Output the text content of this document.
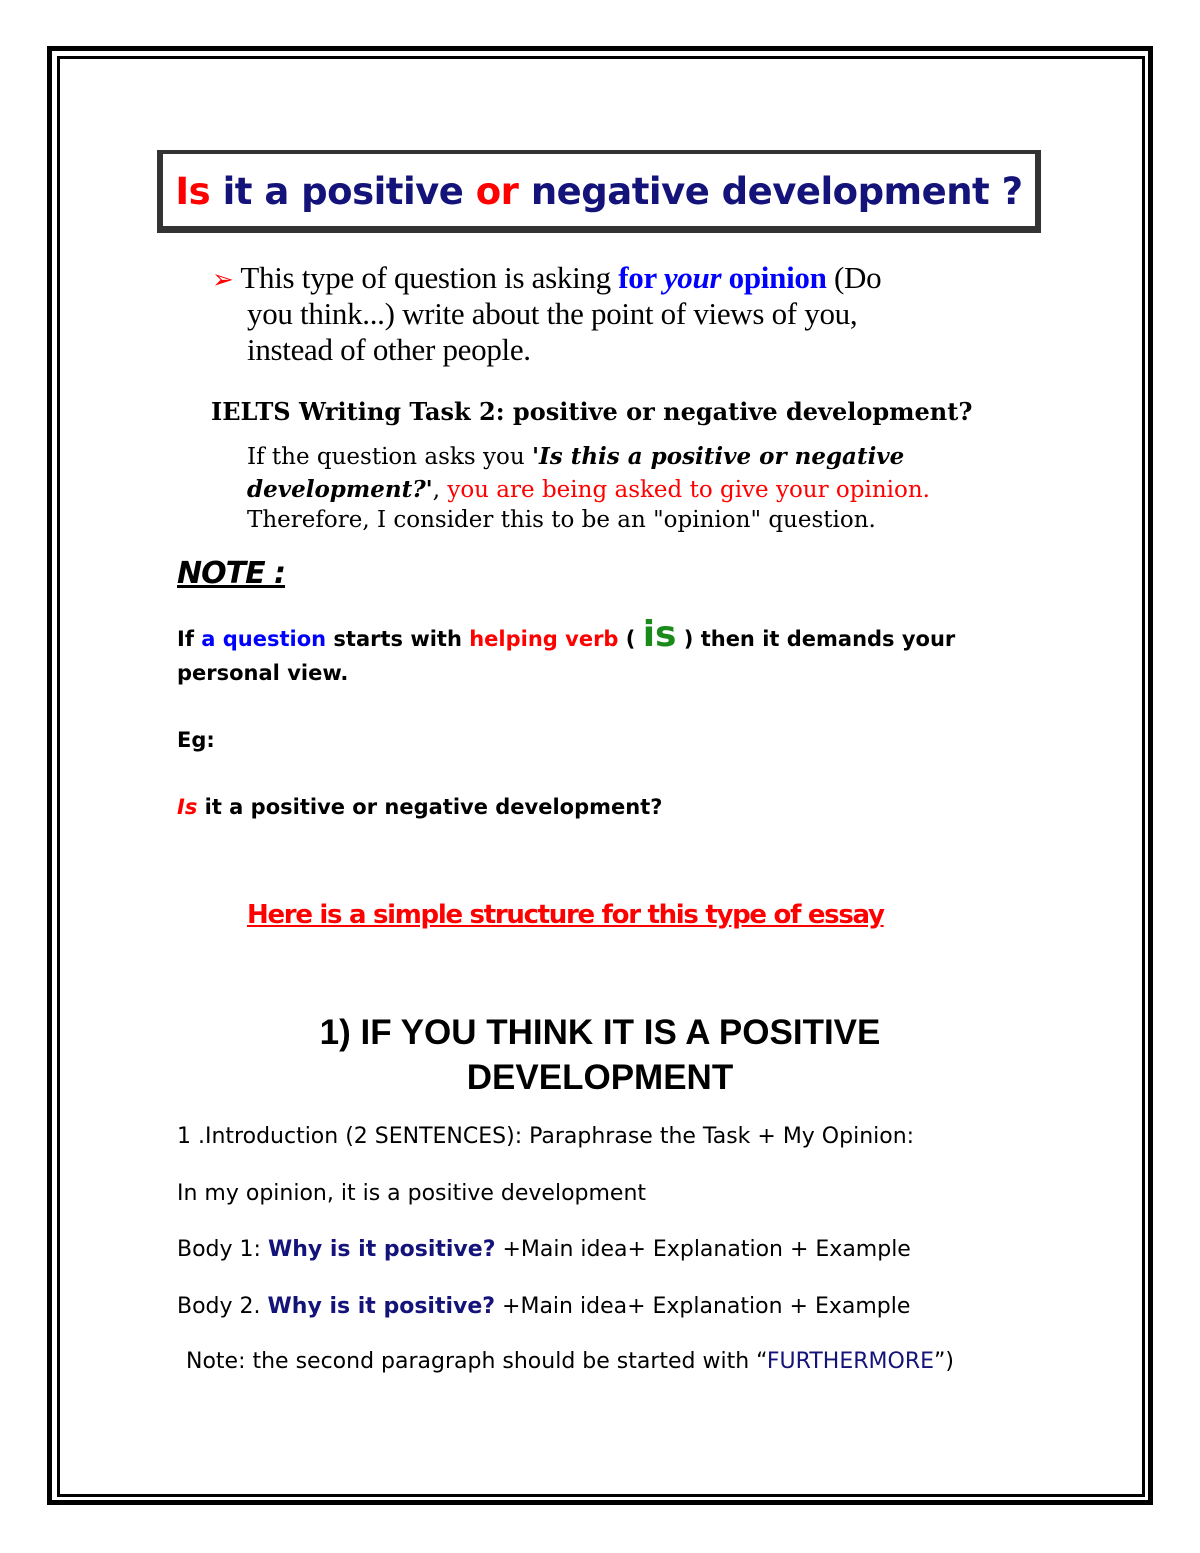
Is it a positive or negative development ?
➢ This type of question is asking for your opinion (Do
you think...) write about the point of views of you,
instead of other people.
IELTS Writing Task 2: positive or negative development?
If the question asks you 'Is this a positive or negative
development?', you are being asked to give your opinion.
Therefore, I consider this to be an "opinion" question.
NOTE :
If a question starts with helping verb ( is ) then it demands your
personal view.
Eg:
Is it a positive or negative development?
Here is a simple structure for this type of essay
1) IF YOU THINK IT IS A POSITIVE
DEVELOPMENT
1 .Introduction (2 SENTENCES): Paraphrase the Task + My Opinion:
In my opinion, it is a positive development
Body 1: Why is it positive? +Main idea+ Explanation + Example
Body 2. Why is it positive? +Main idea+ Explanation + Example
Note: the second paragraph should be started with “FURTHERMORE”)
